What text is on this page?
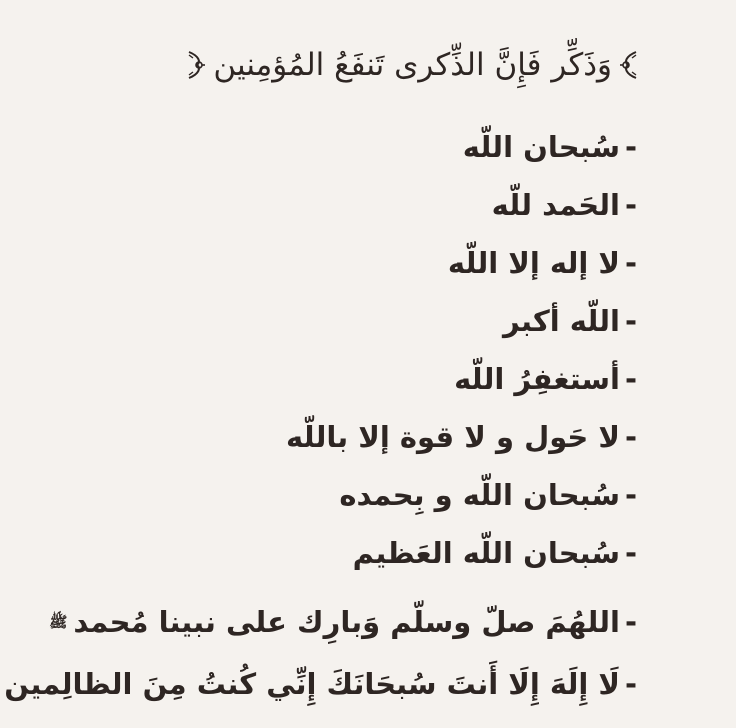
وَذَكِّر فَإِنَّ الذِّكرى تَنفَعُ المُؤمِنين
-
سُبحان اللّه
-
الحَمد للّه
-
لا إله إلا اللّه
-
اللّه أكبر
-
أستغفِرُ اللّه
-
لا حَول و لا قوة إلا باللّه
-
سُبحان اللّه و بِحمده
-
سُبحان اللّه العَظيم
-
اللهُمَ صلّ وسلّم وَبارِك على نبينا مُحمد
ﷺ
-
لَا إِلَهَ إِلَا أَنتَ سُبحَانَكَ إِنِّي كُنتُ مِنَ الظالِمين
